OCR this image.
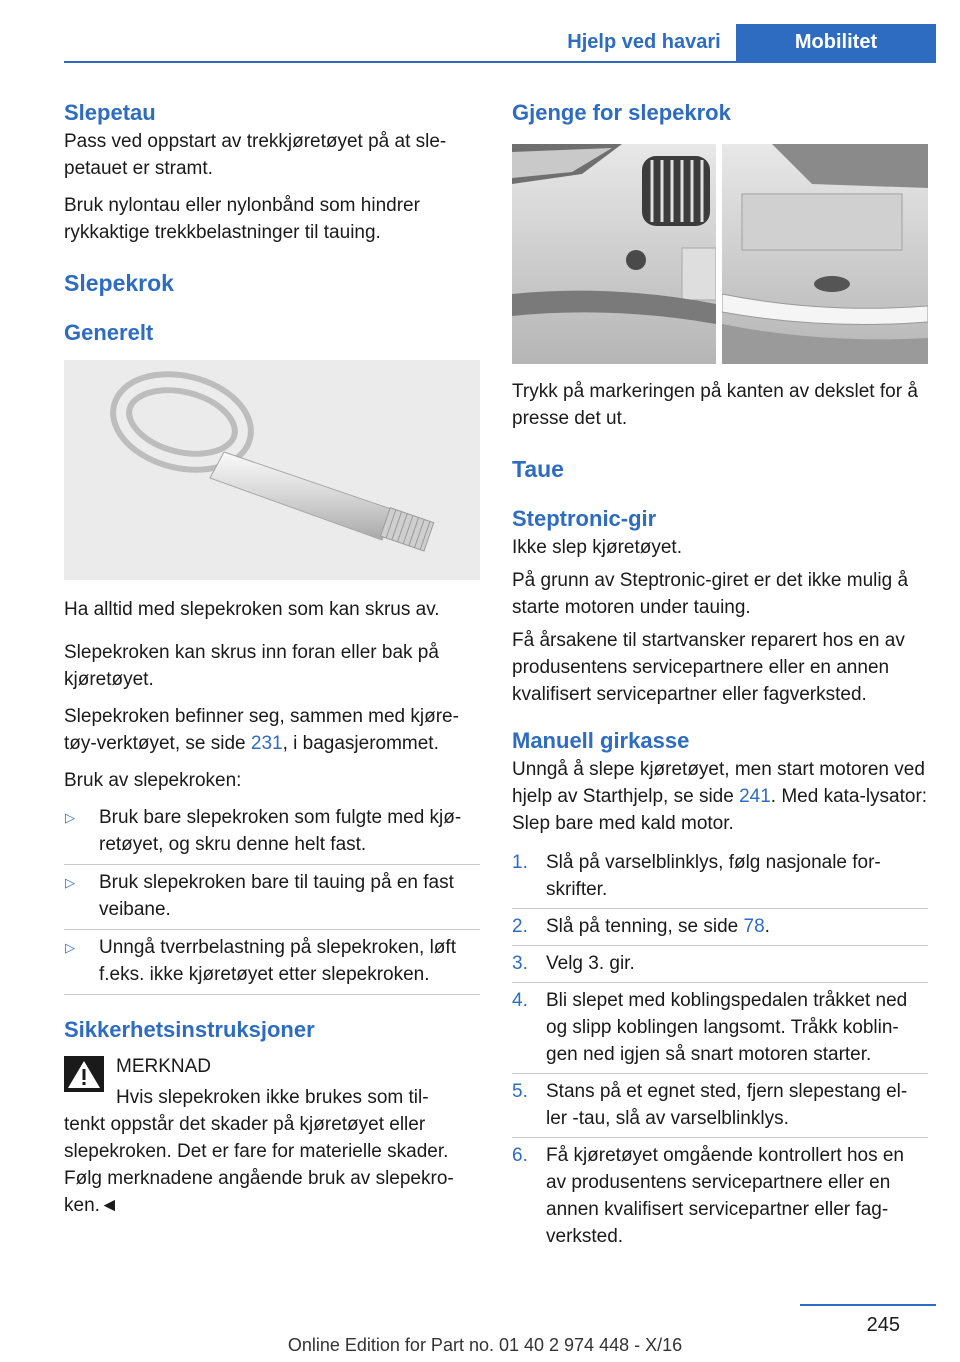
Hjelp ved havari	Mobilitet
Slepetau

Pass ved oppstart av trekkjøretøyet på at sle-petauet er stramt.

Bruk nylontau eller nylonbånd som hindrer rykkaktige trekkbelastninger til tauing.

Slepekrok
Generelt

Ha alltid med slepekroken som kan skrus av.

Slepekroken kan skrus inn foran eller bak på kjøretøyet.

Slepekroken befinner seg, sammen med kjøre-tøy-verktøyet, se side 231, i bagasjerommet.

Bruk av slepekroken:

▷ Bruk bare slepekroken som fulgte med kjø-retøyet, og skru denne helt fast.
▷ Bruk slepekroken bare til tauing på en fast veibane.
▷ Unngå tverrbelastning på slepekroken, løft f.eks. ikke kjøretøyet etter slepekroken.
Sikkerhetsinstruksjoner
MERKNAD
Hvis slepekroken ikke brukes som til-

tenkt oppstår det skader på kjøretøyet eller slepekroken. Det er fare for materielle skader. Følg merknadene angående bruk av slepekro-ken.◄

Gjenge for slepekrok

Trykk på markeringen på kanten av dekslet for å presse det ut.

Taue
Steptronic-gir

Ikke slep kjøretøyet.

På grunn av Steptronic-giret er det ikke mulig å starte motoren under tauing.

Få årsakene til startvansker reparert hos en av produsentens servicepartnere eller en annen kvalifisert servicepartner eller fagverksted.

Manuell girkasse

Unngå å slepe kjøretøyet, men start motoren ved hjelp av Starthjelp, se side 241. Med kata-lysator: Slep bare med kald motor.

1. Slå på varselblinklys, følg nasjonale for-skrifter.
2. Slå på tenning, se side 78.
3. Velg 3. gir.
4. Bli slepet med koblingspedalen tråkket ned og slipp koblingen langsomt. Tråkk koblin-gen ned igjen så snart motoren starter.
5. Stans på et egnet sted, fjern slepestang el-ler -tau, slå av varselblinklys.
6. Få kjøretøyet omgående kontrollert hos en av produsentens servicepartnere eller en annen kvalifisert servicepartner eller fag-verksted.
245
Online Edition for Part no. 01 40 2 974 448 - X/16
